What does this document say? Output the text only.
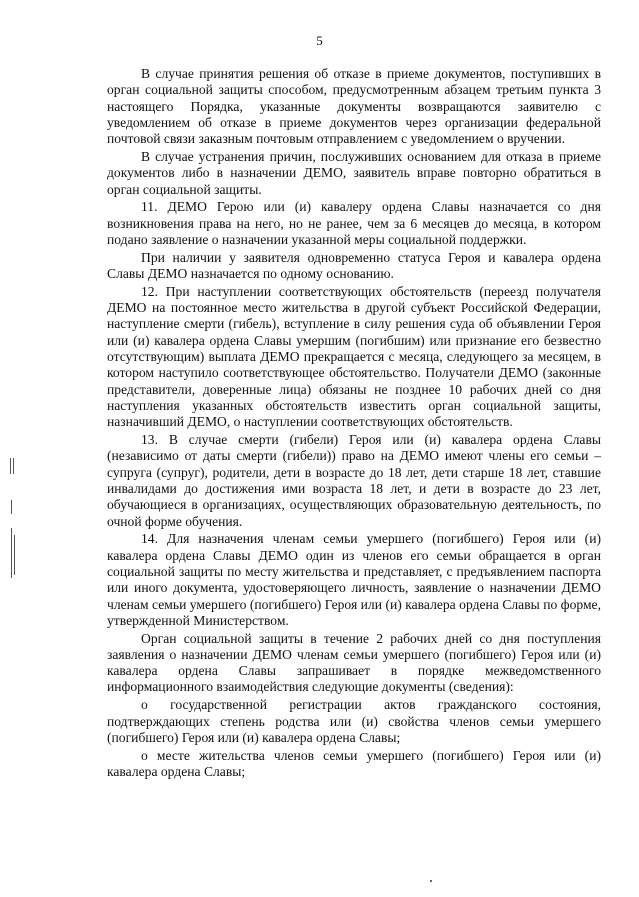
5

В случае принятия решения об отказе в приеме документов, поступивших в орган социальной защиты способом, предусмотренным абзацем третьим пункта 3 настоящего Порядка, указанные документы возвращаются заявителю с уведомлением об отказе в приеме документов через организации федеральной почтовой связи заказным почтовым отправлением с уведомлением о вручении.

В случае устранения причин, послуживших основанием для отказа в приеме документов либо в назначении ДЕМО, заявитель вправе повторно обратиться в орган социальной защиты.

11. ДЕМО Герою или (и) кавалеру ордена Славы назначается со дня возникновения права на него, но не ранее, чем за 6 месяцев до месяца, в котором подано заявление о назначении указанной меры социальной поддержки.

При наличии у заявителя одновременно статуса Героя и кавалера ордена Славы ДЕМО назначается по одному основанию.

12. При наступлении соответствующих обстоятельств (переезд получателя ДЕМО на постоянное место жительства в другой субъект Российской Федерации, наступление смерти (гибель), вступление в силу решения суда об объявлении Героя или (и) кавалера ордена Славы умершим (погибшим) или признание его безвестно отсутствующим) выплата ДЕМО прекращается с месяца, следующего за месяцем, в котором наступило соответствующее обстоятельство. Получатели ДЕМО (законные представители, доверенные лица) обязаны не позднее 10 рабочих дней со дня наступления указанных обстоятельств известить орган социальной защиты, назначивший ДЕМО, о наступлении соответствующих обстоятельств.

13. В случае смерти (гибели) Героя или (и) кавалера ордена Славы (независимо от даты смерти (гибели)) право на ДЕМО имеют члены его семьи – супруга (супруг), родители, дети в возрасте до 18 лет, дети старше 18 лет, ставшие инвалидами до достижения ими возраста 18 лет, и дети в возрасте до 23 лет, обучающиеся в организациях, осуществляющих образовательную деятельность, по очной форме обучения.

14. Для назначения членам семьи умершего (погибшего) Героя или (и) кавалера ордена Славы ДЕМО один из членов его семьи обращается в орган социальной защиты по месту жительства и представляет, с предъявлением паспорта или иного документа, удостоверяющего личность, заявление о назначении ДЕМО членам семьи умершего (погибшего) Героя или (и) кавалера ордена Славы по форме, утвержденной Министерством.

Орган социальной защиты в течение 2 рабочих дней со дня поступления заявления о назначении ДЕМО членам семьи умершего (погибшего) Героя или (и) кавалера ордена Славы запрашивает в порядке межведомственного информационного взаимодействия следующие документы (сведения):

о государственной регистрации актов гражданского состояния, подтверждающих степень родства или (и) свойства членов семьи умершего (погибшего) Героя или (и) кавалера ордена Славы;

о месте жительства членов семьи умершего (погибшего) Героя или (и) кавалера ордена Славы;
